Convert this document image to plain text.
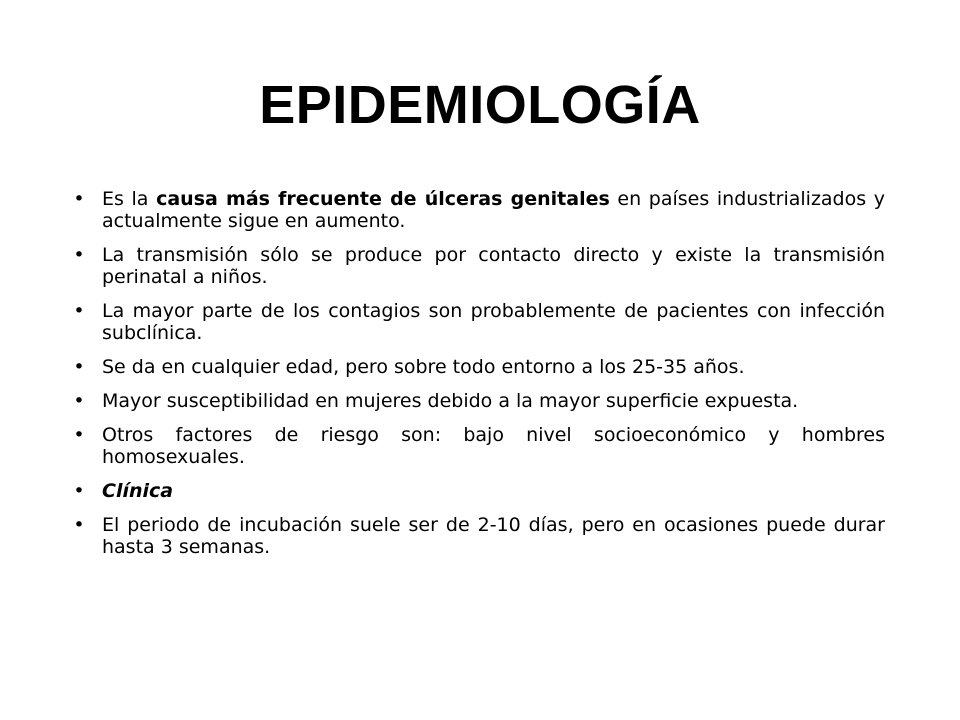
EPIDEMIOLOGÍA
• Es la causa más frecuente de úlceras genitales en países industrializados y actualmente sigue en aumento.
• La transmisión sólo se produce por contacto directo y existe la transmisión perinatal a niños.
• La mayor parte de los contagios son probablemente de pacientes con infección subclínica.
• Se da en cualquier edad, pero sobre todo entorno a los 25-35 años.
• Mayor susceptibilidad en mujeres debido a la mayor superficie expuesta.
• Otros factores de riesgo son: bajo nivel socioeconómico y hombres homosexuales.
• Clínica
• El periodo de incubación suele ser de 2-10 días, pero en ocasiones puede durar hasta 3 semanas.
